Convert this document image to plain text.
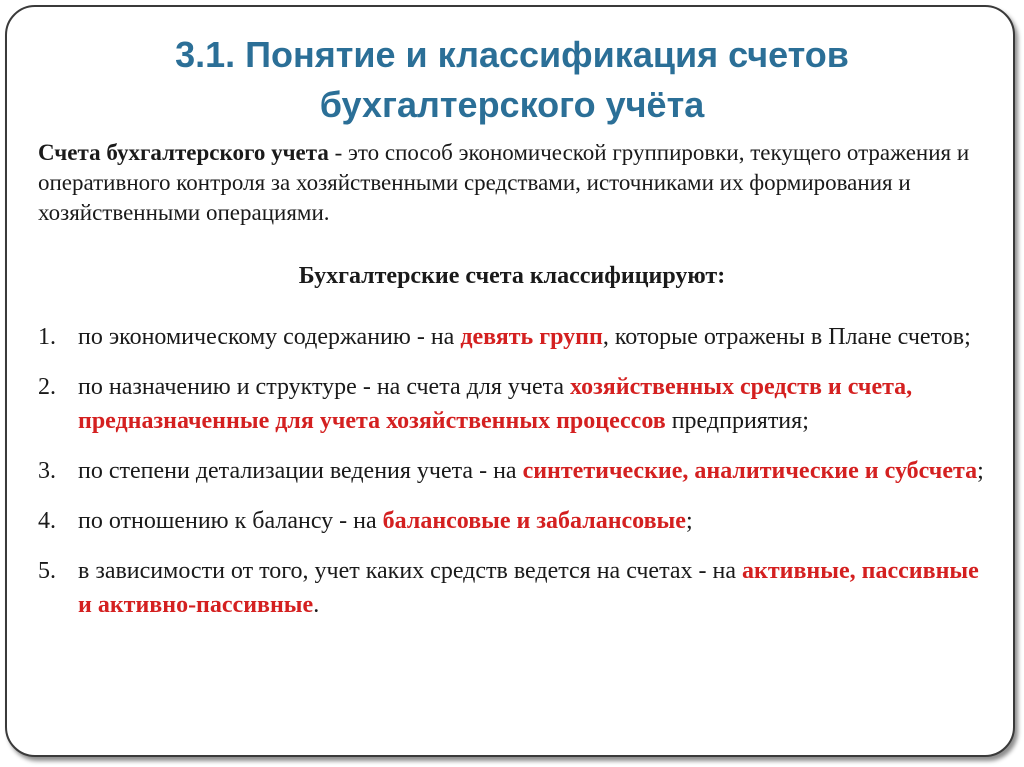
3.1. Понятие и классификация счетов
бухгалтерского учёта

Счета бухгалтерского учета - это способ экономической группировки, текущего отражения и оперативного контроля за хозяйственными средствами, источниками их формирования и хозяйственными операциями.

Бухгалтерские счета классифицируют:
1. по экономическому содержанию - на девять групп, которые отражены в Плане счетов;
2. по назначению и структуре - на счета для учета хозяйственных средств и счета, предназначенные для учета хозяйственных процессов предприятия;
3. по степени детализации ведения учета - на синтетические, аналитические и субсчета;
4. по отношению к балансу - на балансовые и забалансовые;
5. в зависимости от того, учет каких средств ведется на счетах - на активные, пассивные и активно-пассивные.
